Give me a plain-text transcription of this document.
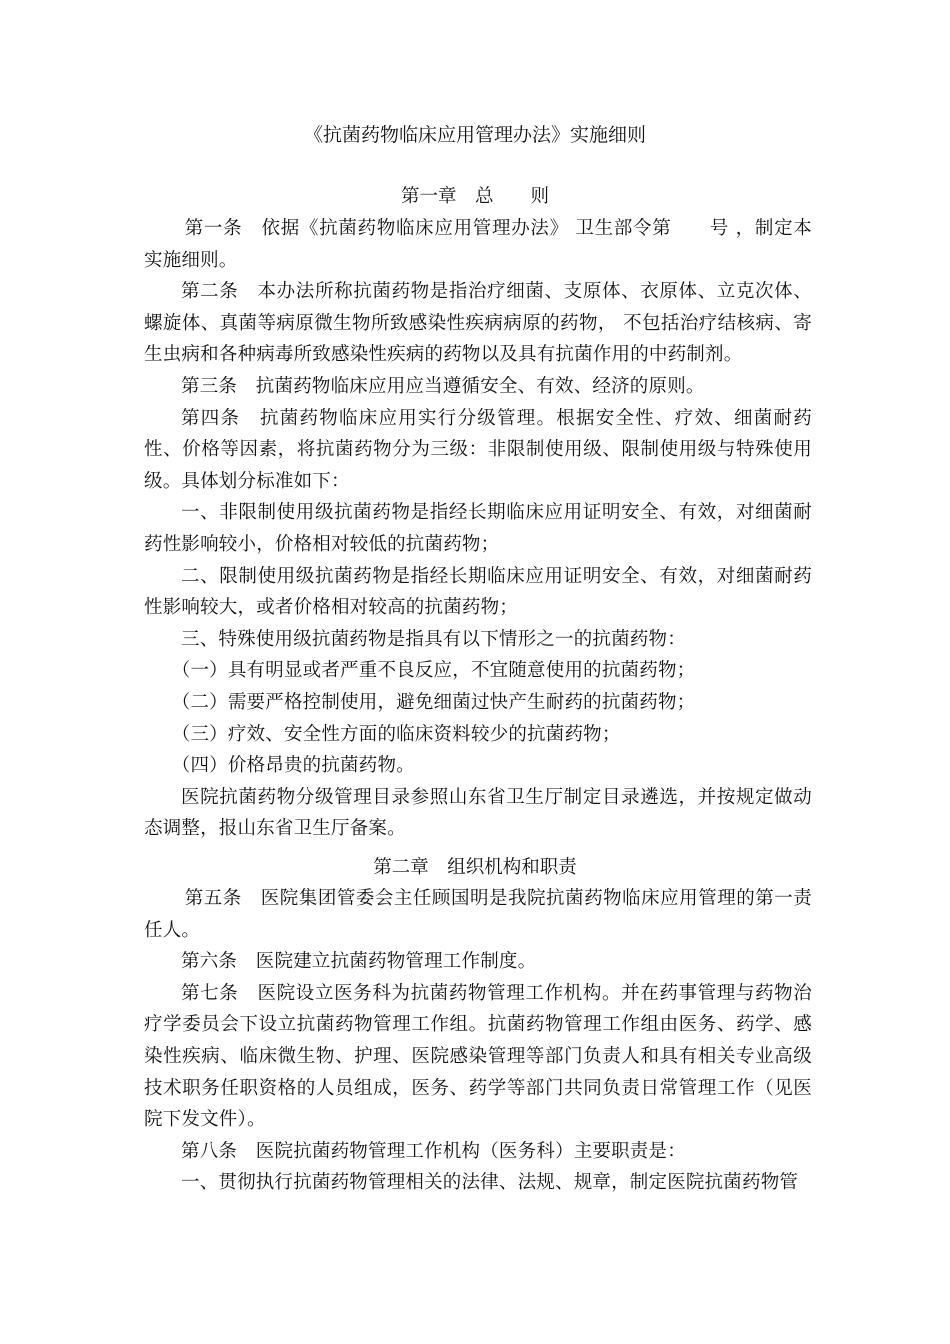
《抗菌药物临床应用管理办法》实施细则
第一章　总　　则

第一条　依据《抗菌药物临床应用管理办法》 卫生部令第　　号 ，制定本实施细则。

第二条　本办法所称抗菌药物是指治疗细菌、支原体、衣原体、立克次体、螺旋体、真菌等病原微生物所致感染性疾病病原的药物， 不包括治疗结核病、寄生虫病和各种病毒所致感染性疾病的药物以及具有抗菌作用的中药制剂。

第三条　抗菌药物临床应用应当遵循安全、有效、经济的原则。

第四条　抗菌药物临床应用实行分级管理。根据安全性、疗效、细菌耐药性、价格等因素，将抗菌药物分为三级：非限制使用级、限制使用级与特殊使用级。具体划分标准如下：

一、非限制使用级抗菌药物是指经长期临床应用证明安全、有效，对细菌耐药性影响较小，价格相对较低的抗菌药物；

二、限制使用级抗菌药物是指经长期临床应用证明安全、有效，对细菌耐药性影响较大，或者价格相对较高的抗菌药物；

三、特殊使用级抗菌药物是指具有以下情形之一的抗菌药物：

（一）具有明显或者严重不良反应，不宜随意使用的抗菌药物；

（二）需要严格控制使用，避免细菌过快产生耐药的抗菌药物；

（三）疗效、安全性方面的临床资料较少的抗菌药物；

（四）价格昂贵的抗菌药物。

医院抗菌药物分级管理目录参照山东省卫生厅制定目录遴选，并按规定做动态调整，报山东省卫生厅备案。

第二章　组织机构和职责

第五条　医院集团管委会主任顾国明是我院抗菌药物临床应用管理的第一责任人。

第六条　医院建立抗菌药物管理工作制度。

第七条　医院设立医务科为抗菌药物管理工作机构。并在药事管理与药物治疗学委员会下设立抗菌药物管理工作组。抗菌药物管理工作组由医务、药学、感染性疾病、临床微生物、护理、医院感染管理等部门负责人和具有相关专业高级技术职务任职资格的人员组成，医务、药学等部门共同负责日常管理工作（见医院下发文件）。

第八条　医院抗菌药物管理工作机构（医务科）主要职责是：

一、贯彻执行抗菌药物管理相关的法律、法规、规章，制定医院抗菌药物管
